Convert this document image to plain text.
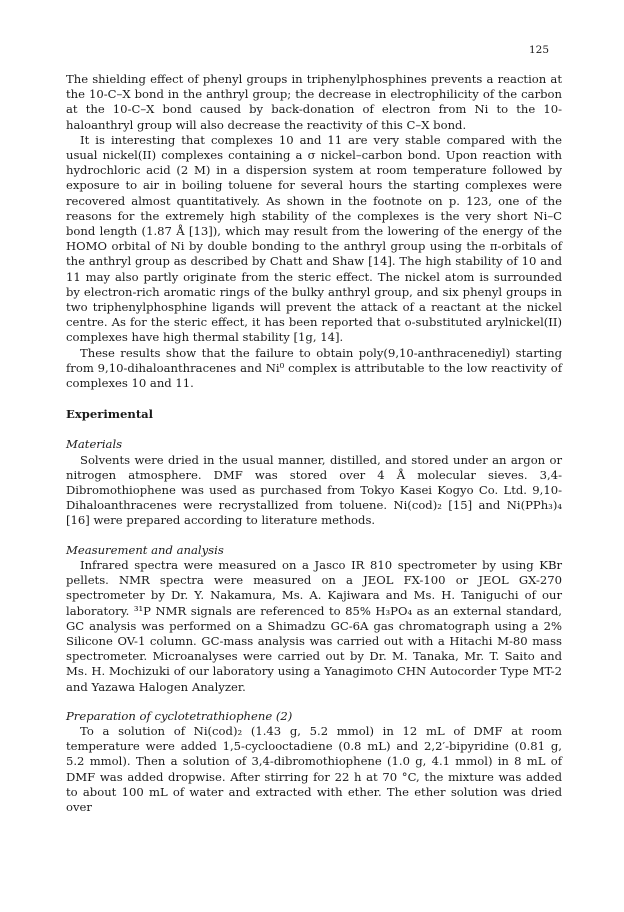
125

The shielding effect of phenyl groups in triphenylphosphines prevents a reaction at the 10-C–X bond in the anthryl group; the decrease in electrophilicity of the carbon at the 10-C–X bond caused by back-donation of electron from Ni to the 10-haloanthryl group will also decrease the reactivity of this C–X bond.

It is interesting that complexes 10 and 11 are very stable compared with the usual nickel(II) complexes containing a σ nickel–carbon bond. Upon reaction with hydrochloric acid (2 M) in a dispersion system at room temperature followed by exposure to air in boiling toluene for several hours the starting complexes were recovered almost quantitatively. As shown in the footnote on p. 123, one of the reasons for the extremely high stability of the complexes is the very short Ni–C bond length (1.87 Å [13]), which may result from the lowering of the energy of the HOMO orbital of Ni by double bonding to the anthryl group using the π-orbitals of the anthryl group as described by Chatt and Shaw [14]. The high stability of 10 and 11 may also partly originate from the steric effect. The nickel atom is surrounded by electron-rich aromatic rings of the bulky anthryl group, and six phenyl groups in two triphenylphosphine ligands will prevent the attack of a reactant at the nickel centre. As for the steric effect, it has been reported that o-substituted arylnickel(II) complexes have high thermal stability [1g, 14].

These results show that the failure to obtain poly(9,10-anthracenediyl) starting from 9,10-dihaloanthracenes and Ni⁰ complex is attributable to the low reactivity of complexes 10 and 11.

Experimental
Materials

Solvents were dried in the usual manner, distilled, and stored under an argon or nitrogen atmosphere. DMF was stored over 4 Å molecular sieves. 3,4-Dibromothiophene was used as purchased from Tokyo Kasei Kogyo Co. Ltd. 9,10-Dihaloanthracenes were recrystallized from toluene. Ni(cod)₂ [15] and Ni(PPh₃)₄ [16] were prepared according to literature methods.

Measurement and analysis

Infrared spectra were measured on a Jasco IR 810 spectrometer by using KBr pellets. NMR spectra were measured on a JEOL FX-100 or JEOL GX-270 spectrometer by Dr. Y. Nakamura, Ms. A. Kajiwara and Ms. H. Taniguchi of our laboratory. ³¹P NMR signals are referenced to 85% H₃PO₄ as an external standard, GC analysis was performed on a Shimadzu GC-6A gas chromatograph using a 2% Silicone OV-1 column. GC-mass analysis was carried out with a Hitachi M-80 mass spectrometer. Microanalyses were carried out by Dr. M. Tanaka, Mr. T. Saito and Ms. H. Mochizuki of our laboratory using a Yanagimoto CHN Autocorder Type MT-2 and Yazawa Halogen Analyzer.

Preparation of cyclotetrathiophene (2)

To a solution of Ni(cod)₂ (1.43 g, 5.2 mmol) in 12 mL of DMF at room temperature were added 1,5-cyclooctadiene (0.8 mL) and 2,2′-bipyridine (0.81 g, 5.2 mmol). Then a solution of 3,4-dibromothiophene (1.0 g, 4.1 mmol) in 8 mL of DMF was added dropwise. After stirring for 22 h at 70 °C, the mixture was added to about 100 mL of water and extracted with ether. The ether solution was dried over
